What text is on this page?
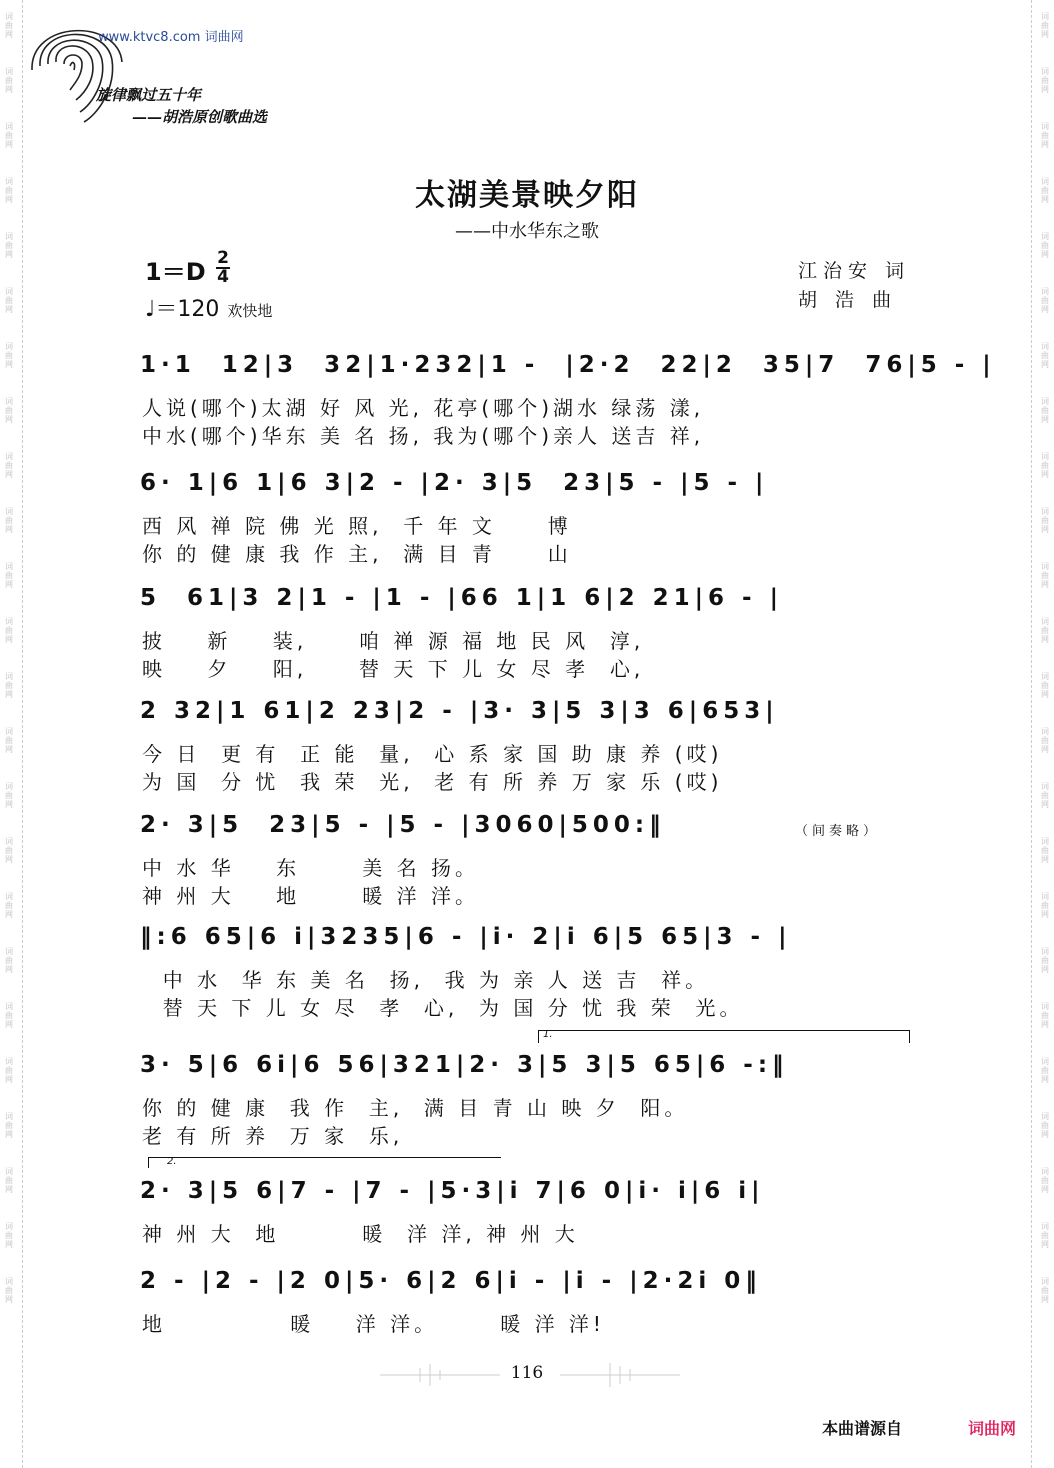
词曲网
词曲网
词曲网
词曲网
词曲网
词曲网
词曲网
词曲网
词曲网
词曲网
词曲网
词曲网
词曲网
词曲网
词曲网
词曲网
词曲网
词曲网
词曲网
词曲网
词曲网
词曲网
词曲网
词曲网
词曲网
词曲网
词曲网
词曲网
词曲网
词曲网
词曲网
词曲网
词曲网
词曲网
词曲网
词曲网
词曲网
词曲网
词曲网
词曲网
词曲网
词曲网
词曲网
词曲网
词曲网
词曲网
词曲网
词曲网
www.ktvc8.com 词曲网
旋律飘过五十年
——胡浩原创歌曲选
太湖美景映夕阳
——中水华东之歌
1＝D 2
4
♩＝120 欢快地
江治安 词
胡 浩 曲
1·1  12|3  32|1·232|1 -  |2·2  22|2  35|7  76|5 - |
人说(哪个)太湖 好 风 光, 花亭(哪个)湖水 绿荡 漾,
中水(哪个)华东 美 名 扬, 我为(哪个)亲人 送吉 祥,
6· 1|6 1|6 3|2 - |2· 3|5  23|5 - |5 - |
西 风 禅 院 佛 光 照,  千 年 文     博
你 的 健 康 我 作 主,  满 目 青     山
5  61|3 2|1 - |1 - |66 1|1 6|2 21|6 - |
披    新    装,     咱 禅 源 福 地 民 风  淳,
映    夕    阳,     替 天 下 儿 女 尽 孝  心,
2 32|1 61|2 23|2 - |3· 3|5 3|3 6|653|
今 日  更 有  正 能  量,  心 系 家 国 助 康 养 (哎)
为 国  分 忧  我 荣  光,  老 有 所 养 万 家 乐 (哎)
2· 3|5  23|5 - |5 - |3060|500:‖
中 水 华    东      美 名 扬。
神 州 大    地      暖 洋 洋。
（间奏略）
‖:6 65|6 i|3235|6 - |i· 2|i 6|5 65|3 - |
中 水  华 东 美 名  扬,  我 为 亲 人 送 吉  祥。
替 天 下 儿 女 尽  孝  心,  为 国 分 忧 我 荣  光。
1.
3· 5|6 6i|6 56|321|2· 3|5 3|5 65|6 -:‖
你 的 健 康  我 作  主,  满 目 青 山 映 夕  阳。
老 有 所 养  万 家  乐,
2.
2· 3|5 6|7 - |7 - |5·3|i 7|6 0|i· i|6 i|
神 州 大  地        暖  洋 洋, 神 州 大
2 - |2 - |2 0|5· 6|2 6|i - |i - |2·2i 0‖
地            暖    洋 洋。      暖 洋 洋!
116
本曲谱源自	词曲网
